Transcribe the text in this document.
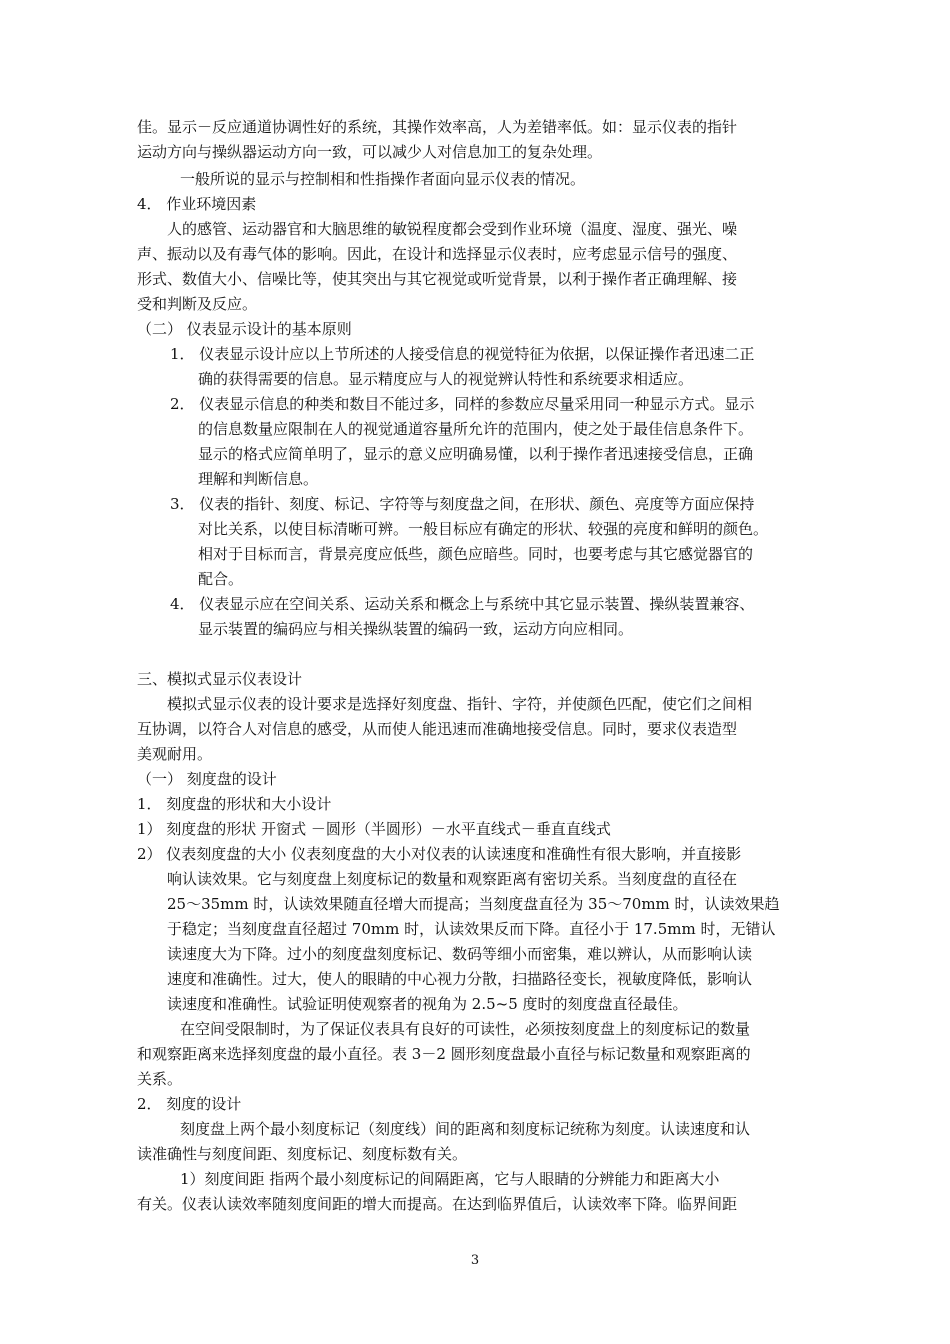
佳。显示－反应通道协调性好的系统，其操作效率高，人为差错率低。如：显示仪表的指针
运动方向与操纵器运动方向一致，可以减少人对信息加工的复杂处理。
一般所说的显示与控制相和性指操作者面向显示仪表的情况。
4． 作业环境因素
人的感管、运动器官和大脑思维的敏锐程度都会受到作业环境（温度、湿度、强光、噪
声、振动以及有毒气体的影响。因此，在设计和选择显示仪表时，应考虑显示信号的强度、
形式、数值大小、信噪比等，使其突出与其它视觉或听觉背景，以利于操作者正确理解、接
受和判断及反应。
（二） 仪表显示设计的基本原则
1． 仪表显示设计应以上节所述的人接受信息的视觉特征为依据，以保证操作者迅速二正
确的获得需要的信息。显示精度应与人的视觉辨认特性和系统要求相适应。
2． 仪表显示信息的种类和数目不能过多，同样的参数应尽量采用同一种显示方式。显示
的信息数量应限制在人的视觉通道容量所允许的范围内，使之处于最佳信息条件下。
显示的格式应简单明了，显示的意义应明确易懂，以利于操作者迅速接受信息，正确
理解和判断信息。
3． 仪表的指针、刻度、标记、字符等与刻度盘之间，在形状、颜色、亮度等方面应保持
对比关系，以使目标清晰可辨。一般目标应有确定的形状、较强的亮度和鲜明的颜色。
相对于目标而言，背景亮度应低些，颜色应暗些。同时，也要考虑与其它感觉器官的
配合。
4． 仪表显示应在空间关系、运动关系和概念上与系统中其它显示装置、操纵装置兼容、
显示装置的编码应与相关操纵装置的编码一致，运动方向应相同。
三、模拟式显示仪表设计
模拟式显示仪表的设计要求是选择好刻度盘、指针、字符，并使颜色匹配，使它们之间相
互协调，以符合人对信息的感受，从而使人能迅速而准确地接受信息。同时，要求仪表造型
美观耐用。
（一） 刻度盘的设计
1． 刻度盘的形状和大小设计
1） 刻度盘的形状 开窗式 －圆形（半圆形）－水平直线式－垂直直线式
2） 仪表刻度盘的大小 仪表刻度盘的大小对仪表的认读速度和准确性有很大影响，并直接影
响认读效果。它与刻度盘上刻度标记的数量和观察距离有密切关系。当刻度盘的直径在
25～35mm 时，认读效果随直径增大而提高；当刻度盘直径为 35～70mm 时，认读效果趋
于稳定；当刻度盘直径超过 70mm 时，认读效果反而下降。直径小于 17.5mm 时，无错认
读速度大为下降。过小的刻度盘刻度标记、数码等细小而密集，难以辨认，从而影响认读
速度和准确性。过大，使人的眼睛的中心视力分散，扫描路径变长，视敏度降低，影响认
读速度和准确性。试验证明使观察者的视角为 2.5~5 度时的刻度盘直径最佳。
在空间受限制时，为了保证仪表具有良好的可读性，必须按刻度盘上的刻度标记的数量
和观察距离来选择刻度盘的最小直径。表 3－2 圆形刻度盘最小直径与标记数量和观察距离的
关系。
2． 刻度的设计
刻度盘上两个最小刻度标记（刻度线）间的距离和刻度标记统称为刻度。认读速度和认
读准确性与刻度间距、刻度标记、刻度标数有关。
1）刻度间距 指两个最小刻度标记的间隔距离，它与人眼睛的分辨能力和距离大小
有关。仪表认读效率随刻度间距的增大而提高。在达到临界值后，认读效率下降。临界间距
3
